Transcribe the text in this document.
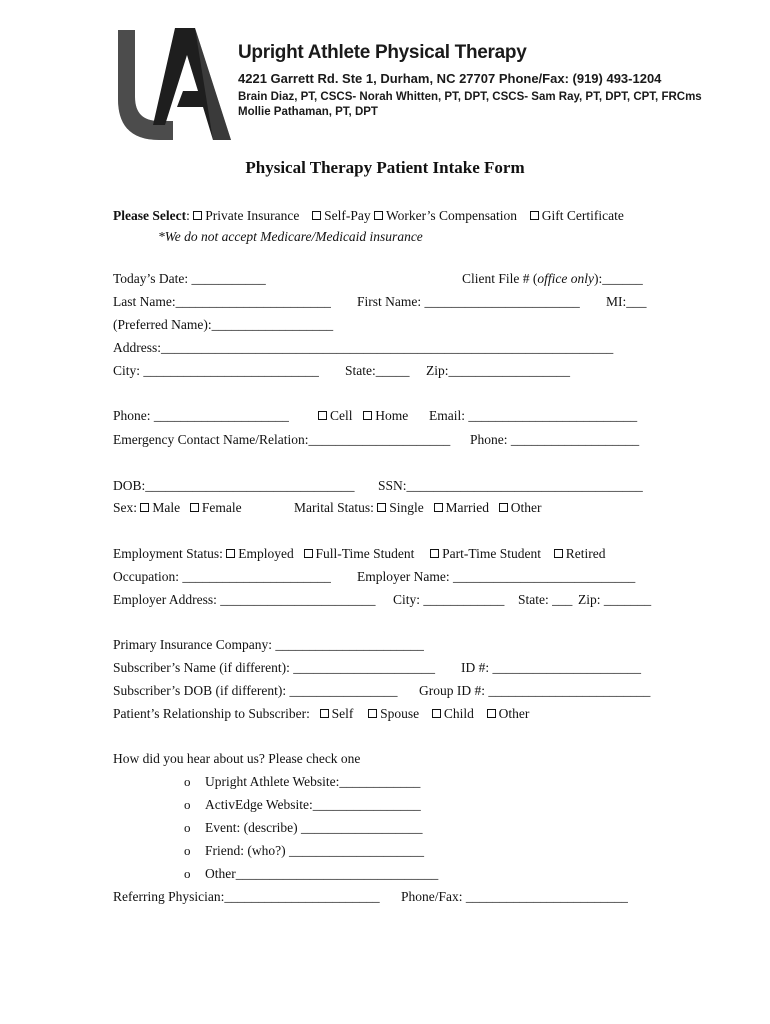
Upright Athlete Physical Therapy
4221 Garrett Rd. Ste 1, Durham, NC 27707 Phone/Fax: (919) 493-1204
Brain Diaz, PT, CSCS- Norah Whitten, PT, DPT, CSCS- Sam Ray, PT, DPT, CPT, FRCms
Mollie Pathaman, PT, DPT
Physical Therapy Patient Intake Form
Please Select: Private Insurance Self-Pay Worker’s Compensation Gift Certificate
*We do not accept Medicare/Medicaid insurance
Today’s Date: ___________	Client File # (office only):______
Last Name:_______________________ First Name: _______________________ MI:___
(Preferred Name):__________________
Address:___________________________________________________________________
City: __________________________ State:_____ Zip:__________________
Phone: ____________________	Cell Home Email: _________________________
Emergency Contact Name/Relation:_____________________ Phone: ___________________
DOB:_______________________________ SSN:___________________________________
Sex: Male Female	Marital Status: Single Married Other
Employment Status: Employed Full-Time Student Part-Time Student Retired
Occupation: ______________________ Employer Name: ___________________________
Employer Address: _______________________ City: ____________ State: ___ Zip: _______
Primary Insurance Company: ______________________
Subscriber’s Name (if different): _____________________ ID #: ______________________
Subscriber’s DOB (if different): ________________ Group ID #: ________________________
Patient’s Relationship to Subscriber: Self Spouse Child Other
How did you hear about us? Please check one
o Upright Athlete Website:____________
o ActivEdge Website:________________
o Event: (describe) __________________
o Friend: (who?) ____________________
o Other______________________________
Referring Physician:_______________________ Phone/Fax: ________________________
